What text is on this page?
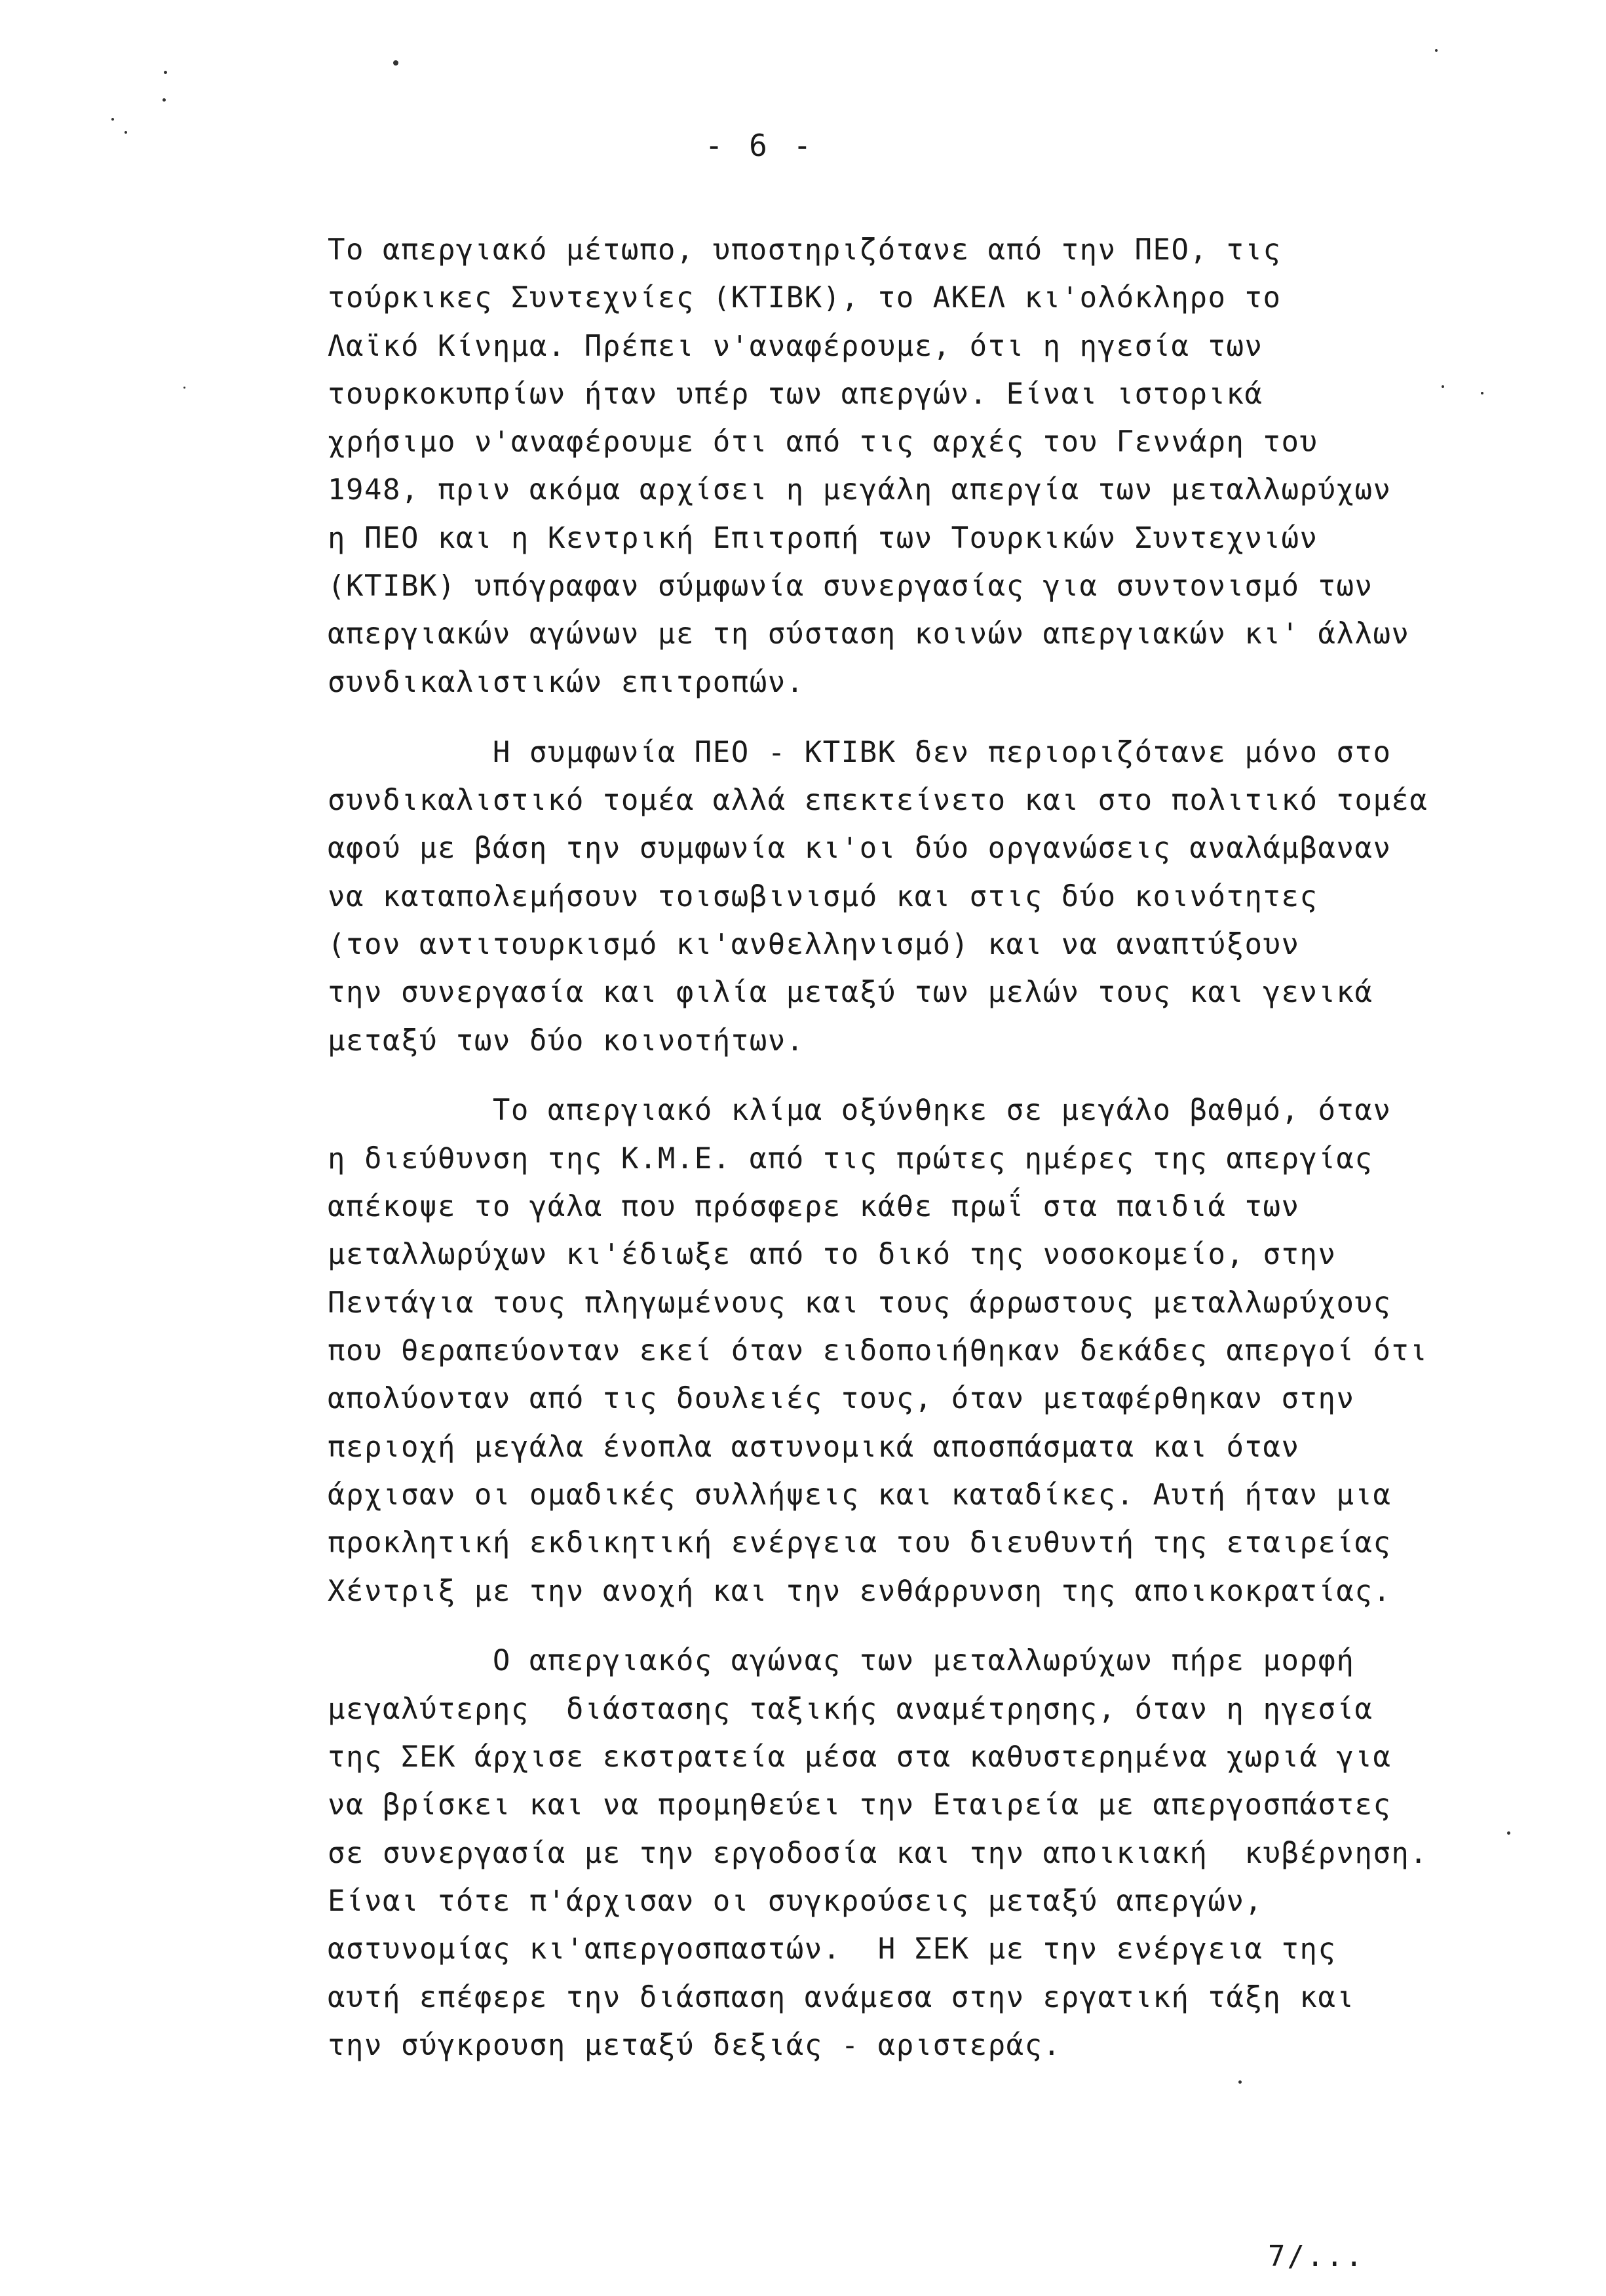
- 6 -
Το απεργιακό μέτωπο, υποστηριζότανε από την ΠΕΟ, τις
τούρκικες Συντεχνίες (ΚΤΙΒΚ), το ΑΚΕΛ κι'ολόκληρο το
Λαϊκό Κίνημα. Πρέπει ν'αναφέρουμε, ότι η ηγεσία των
τουρκοκυπρίων ήταν υπέρ των απεργών. Είναι ιστορικά
χρήσιμο ν'αναφέρουμε ότι από τις αρχές του Γεννάρη του
1948, πριν ακόμα αρχίσει η μεγάλη απεργία των μεταλλωρύχων
η ΠΕΟ και η Κεντρική Επιτροπή των Τουρκικών Συντεχνιών
(ΚΤΙΒΚ) υπόγραφαν σύμφωνία συνεργασίας για συντονισμό των
απεργιακών αγώνων με τη σύσταση κοινών απεργιακών κι' άλλων
συνδικαλιστικών επιτροπών.
Η συμφωνία ΠΕΟ - ΚΤΙΒΚ δεν περιοριζότανε μόνο στο
συνδικαλιστικό τομέα αλλά επεκτείνετο και στο πολιτικό τομέα
αφού με βάση την συμφωνία κι'οι δύο οργανώσεις αναλάμβαναν
να καταπολεμήσουν τοισωβινισμό και στις δύο κοινότητες
(τον αντιτουρκισμό κι'ανθελληνισμό) και να αναπτύξουν
την συνεργασία και φιλία μεταξύ των μελών τους και γενικά
μεταξύ των δύο κοινοτήτων.
Το απεργιακό κλίμα οξύνθηκε σε μεγάλο βαθμό, όταν
η διεύθυνση της Κ.Μ.Ε. από τις πρώτες ημέρες της απεργίας
απέκοψε το γάλα που πρόσφερε κάθε πρωΐ στα παιδιά των
μεταλλωρύχων κι'έδιωξε από το δικό της νοσοκομείο, στην
Πεντάγια τους πληγωμένους και τους άρρωστους μεταλλωρύχους
που θεραπεύονταν εκεί όταν ειδοποιήθηκαν δεκάδες απεργοί ότι
απολύονταν από τις δουλειές τους, όταν μεταφέρθηκαν στην
περιοχή μεγάλα ένοπλα αστυνομικά αποσπάσματα και όταν
άρχισαν οι ομαδικές συλλήψεις και καταδίκες. Αυτή ήταν μια
προκλητική εκδικητική ενέργεια του διευθυντή της εταιρείας
Χέντριξ με την ανοχή και την ενθάρρυνση της αποικοκρατίας.
Ο απεργιακός αγώνας των μεταλλωρύχων πήρε μορφή
μεγαλύτερης  διάστασης ταξικής αναμέτρησης, όταν η ηγεσία
της ΣΕΚ άρχισε εκστρατεία μέσα στα καθυστερημένα χωριά για
να βρίσκει και να προμηθεύει την Εταιρεία με απεργοσπάστες
σε συνεργασία με την εργοδοσία και την αποικιακή  κυβέρνηση.
Είναι τότε π'άρχισαν οι συγκρούσεις μεταξύ απεργών,
αστυνομίας κι'απεργοσπαστών.  Η ΣΕΚ με την ενέργεια της
αυτή επέφερε την διάσπαση ανάμεσα στην εργατική τάξη και
την σύγκρουση μεταξύ δεξιάς - αριστεράς.
7/...
